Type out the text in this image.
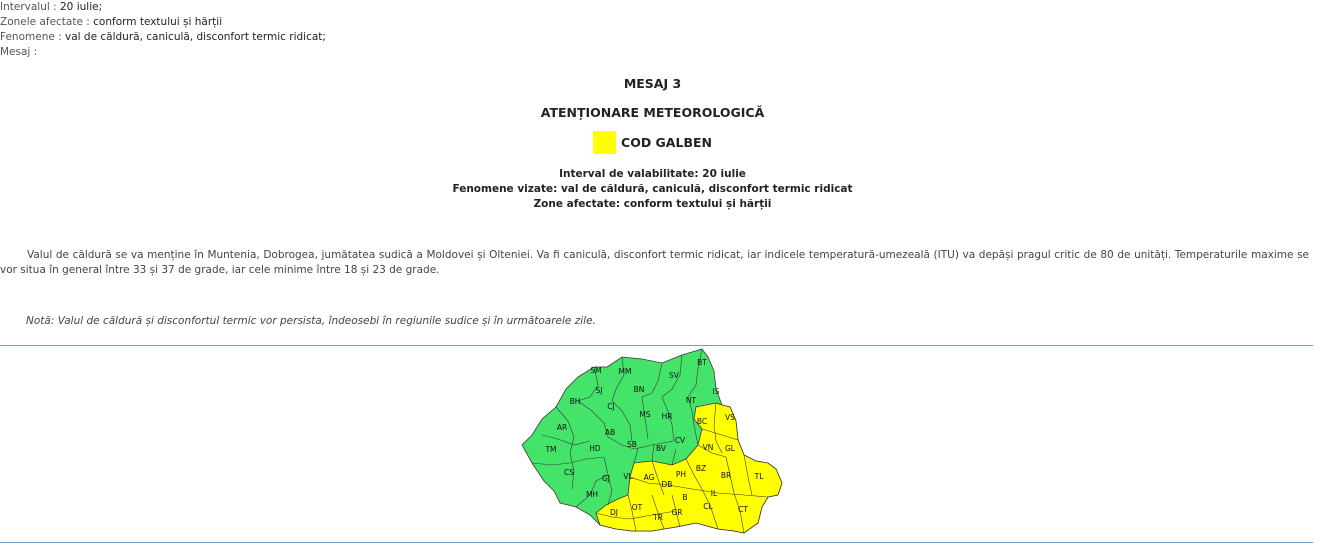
Intervalul : 20 iulie;
Zonele afectate : conform textului și hărții
Fenomene : val de căldură, caniculă, disconfort termic ridicat;
Mesaj :
MESAJ 3
ATENȚIONARE METEOROLOGICĂ
COD GALBEN
Interval de valabilitate: 20 iulie
Fenomene vizate: val de căldură, caniculă, disconfort termic ridicat
Zone afectate: conform textului și hărții
Valul de căldură se va menține în Muntenia, Dobrogea, jumătatea sudică a Moldovei și Olteniei. Va fi caniculă, disconfort termic ridicat, iar indicele temperatură-umezeală (ITU) va depăși pragul critic de 80 de unități. Temperaturile maxime se vor situa în general între 33 și 37 de grade, iar cele minime între 18 și 23 de grade.
Notă: Valul de căldură și disconfortul termic vor persista, îndeosebi în regiunile sudice și în următoarele zile.
SM MM	SV
BT
SJ	BN	IS
BH
CJ
NT
MS HR
BC VS
AR
AB
CV
TM	HD	SB	BV	VN GL
CS
GJ VL AG	PH
BZ
BR	TL
DB
MH	B	IL
DJ
OT
TR
GR
CL	CT
